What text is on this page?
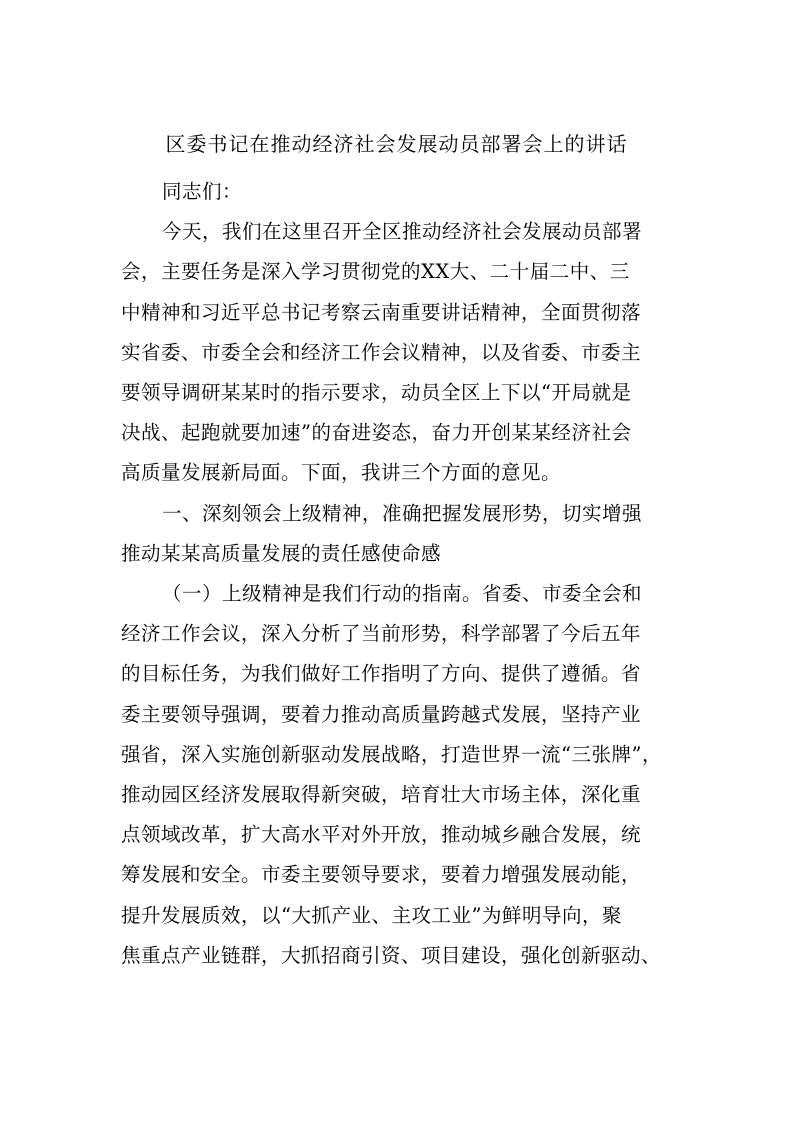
区委书记在推动经济社会发展动员部署会上的讲话
同志们：
今天，我们在这里召开全区推动经济社会发展动员部署
会，主要任务是深入学习贯彻党的XX大、二十届二中、三
中精神和习近平总书记考察云南重要讲话精神，全面贯彻落
实省委、市委全会和经济工作会议精神，以及省委、市委主
要领导调研某某时的指示要求，动员全区上下以“开局就是
决战、起跑就要加速”的奋进姿态，奋力开创某某经济社会
高质量发展新局面。下面，我讲三个方面的意见。
一、深刻领会上级精神，准确把握发展形势，切实增强
推动某某高质量发展的责任感使命感
（一）上级精神是我们行动的指南。省委、市委全会和
经济工作会议，深入分析了当前形势，科学部署了今后五年
的目标任务，为我们做好工作指明了方向、提供了遵循。省
委主要领导强调，要着力推动高质量跨越式发展，坚持产业
强省，深入实施创新驱动发展战略，打造世界一流“三张牌”，
推动园区经济发展取得新突破，培育壮大市场主体，深化重
点领域改革，扩大高水平对外开放，推动城乡融合发展，统
筹发展和安全。市委主要领导要求，要着力增强发展动能，
提升发展质效，以“大抓产业、主攻工业”为鲜明导向，聚
焦重点产业链群，大抓招商引资、项目建设，强化创新驱动、
